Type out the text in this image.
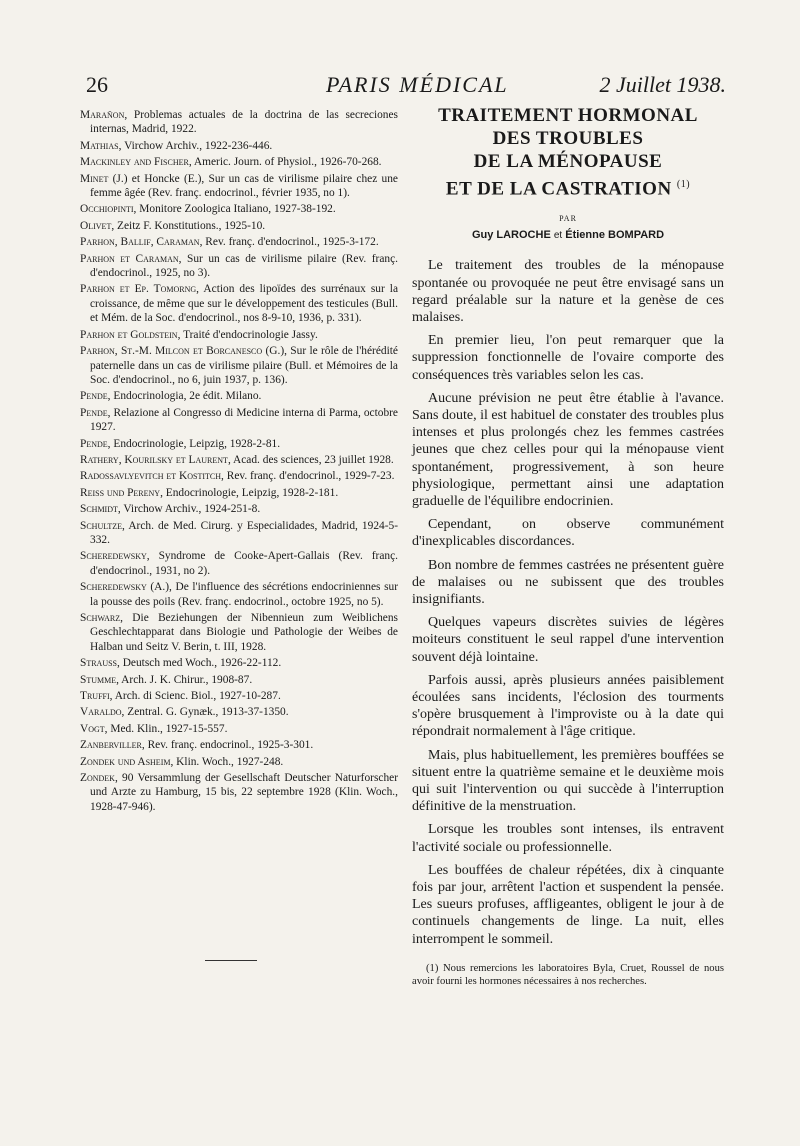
26	PARIS MÉDICAL	2 Juillet 1938.

Marañon, Problemas actuales de la doctrina de las secreciones internas, Madrid, 1922.

Mathias, Virchow Archiv., 1922-236-446.

Mackinley and Fischer, Americ. Journ. of Physiol., 1926-70-268.

Minet (J.) et Honcke (E.), Sur un cas de virilisme pilaire chez une femme âgée (Rev. franç. endocrinol., février 1935, no 1).

Occhiopinti, Monitore Zoologica Italiano, 1927-38-192.

Olivet, Zeitz F. Konstitutions., 1925-10.

Parhon, Ballif, Caraman, Rev. franç. d'endocrinol., 1925-3-172.

Parhon et Caraman, Sur un cas de virilisme pilaire (Rev. franç. d'endocrinol., 1925, no 3).

Parhon et Ep. Tomorng, Action des lipoïdes des surrénaux sur la croissance, de même que sur le développement des testicules (Bull. et Mém. de la Soc. d'endocrinol., nos 8-9-10, 1936, p. 331).

Parhon et Goldstein, Traité d'endocrinologie Jassy.

Parhon, St.-M. Milcon et Borcanesco (G.), Sur le rôle de l'hérédité paternelle dans un cas de virilisme pilaire (Bull. et Mémoires de la Soc. d'endocrinol., no 6, juin 1937, p. 136).

Pende, Endocrinologia, 2e édit. Milano.

Pende, Relazione al Congresso di Medicine interna di Parma, octobre 1927.

Pende, Endocrinologie, Leipzig, 1928-2-81.

Rathery, Kourilsky et Laurent, Acad. des sciences, 23 juillet 1928.

Radossavlyevitch et Kostitch, Rev. franç. d'endocrinol., 1929-7-23.

Reiss und Pereny, Endocrinologie, Leipzig, 1928-2-181.

Schmidt, Virchow Archiv., 1924-251-8.

Schultze, Arch. de Med. Cirurg. y Especialidades, Madrid, 1924-5-332.

Scheredewsky, Syndrome de Cooke-Apert-Gallais (Rev. franç. d'endocrinol., 1931, no 2).

Scheredewsky (A.), De l'influence des sécrétions endocriniennes sur la pousse des poils (Rev. franç. endocrinol., octobre 1925, no 5).

Schwarz, Die Beziehungen der Nibennieun zum Weiblichens Geschlechtapparat dans Biologie und Pathologie der Weibes de Halban und Seitz V. Berin, t. III, 1928.

Strauss, Deutsch med Woch., 1926-22-112.

Stumme, Arch. J. K. Chirur., 1908-87.

Truffi, Arch. di Scienc. Biol., 1927-10-287.

Varaldo, Zentral. G. Gynæk., 1913-37-1350.

Vogt, Med. Klin., 1927-15-557.

Zanberviller, Rev. franç. endocrinol., 1925-3-301.

Zondek und Asheim, Klin. Woch., 1927-248.

Zondek, 90 Versammlung der Gesellschaft Deutscher Naturforscher und Arzte zu Hamburg, 15 bis, 22 septembre 1928 (Klin. Woch., 1928-47-946).

TRAITEMENT HORMONAL
DES TROUBLES
DE LA MÉNOPAUSE
ET DE LA CASTRATION $^{(1)}$
PAR
Guy LAROCHE et Étienne BOMPARD

Le traitement des troubles de la ménopause spontanée ou provoquée ne peut être envisagé sans un regard préalable sur la nature et la genèse de ces malaises.

En premier lieu, l'on peut remarquer que la suppression fonctionnelle de l'ovaire comporte des conséquences très variables selon les cas.

Aucune prévision ne peut être établie à l'avance. Sans doute, il est habituel de constater des troubles plus intenses et plus prolongés chez les femmes castrées jeunes que chez celles pour qui la ménopause vient spontanément, progressivement, à son heure physiologique, permettant ainsi une adaptation graduelle de l'équilibre endocrinien.

Cependant, on observe communément d'inexplicables discordances.

Bon nombre de femmes castrées ne présentent guère de malaises ou ne subissent que des troubles insignifiants.

Quelques vapeurs discrètes suivies de légères moiteurs constituent le seul rappel d'une intervention souvent déjà lointaine.

Parfois aussi, après plusieurs années paisiblement écoulées sans incidents, l'éclosion des tourments s'opère brusquement à l'improviste ou à la date qui répondrait normalement à l'âge critique.

Mais, plus habituellement, les premières bouffées se situent entre la quatrième semaine et le deuxième mois qui suit l'intervention ou qui succède à l'interruption définitive de la menstruation.

Lorsque les troubles sont intenses, ils entravent l'activité sociale ou professionnelle.

Les bouffées de chaleur répétées, dix à cinquante fois par jour, arrêtent l'action et suspendent la pensée. Les sueurs profuses, affligeantes, obligent le jour à de continuels changements de linge. La nuit, elles interrompent le sommeil.

(1) Nous remercions les laboratoires Byla, Cruet, Roussel de nous avoir fourni les hormones nécessaires à nos recherches.
